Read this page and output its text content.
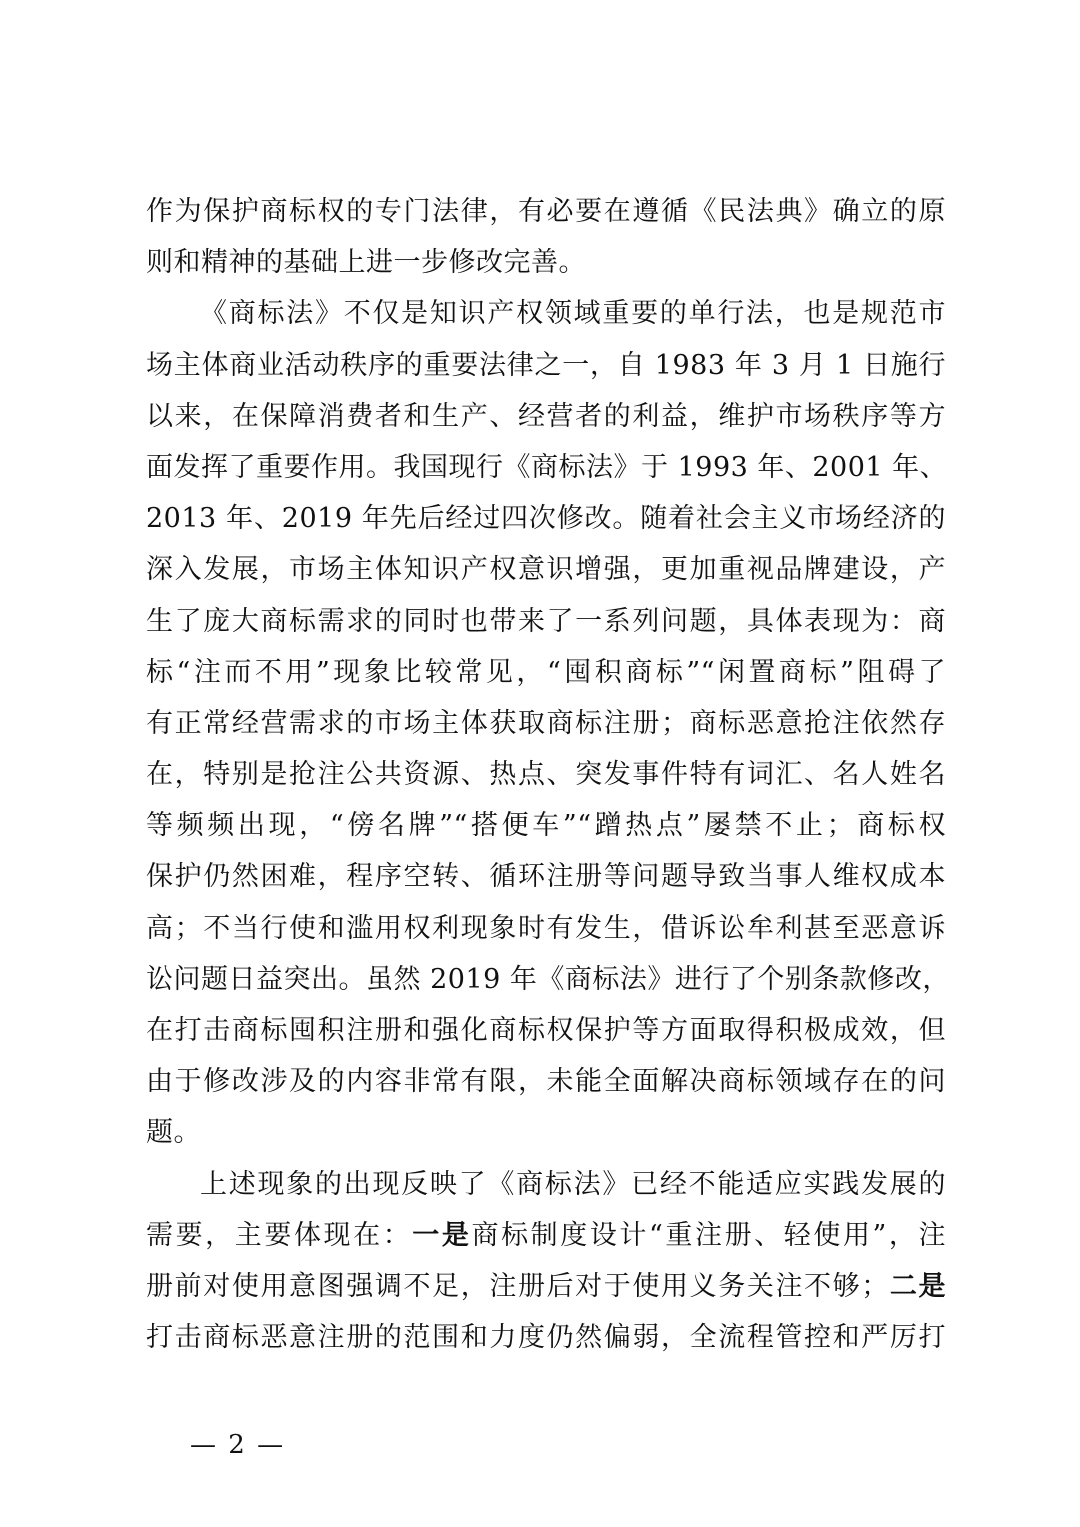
作为保护商标权的专门法律，有必要在遵循《民法典》确立的原
则和精神的基础上进一步修改完善。
《商标法》不仅是知识产权领域重要的单行法，也是规范市
场主体商业活动秩序的重要法律之一，自 1983 年 3 月 1 日施行
以来，在保障消费者和生产、经营者的利益，维护市场秩序等方
面发挥了重要作用。我国现行《商标法》于 1993 年、2001 年、
2013 年、2019 年先后经过四次修改。随着社会主义市场经济的
深入发展，市场主体知识产权意识增强，更加重视品牌建设，产
生了庞大商标需求的同时也带来了一系列问题，具体表现为：商
标“注而不用”现象比较常见，“囤积商标”“闲置商标”阻碍了
有正常经营需求的市场主体获取商标注册；商标恶意抢注依然存
在，特别是抢注公共资源、热点、突发事件特有词汇、名人姓名
等频频出现，“傍名牌”“搭便车”“蹭热点”屡禁不止；商标权
保护仍然困难，程序空转、循环注册等问题导致当事人维权成本
高；不当行使和滥用权利现象时有发生，借诉讼牟利甚至恶意诉
讼问题日益突出。虽然 2019 年《商标法》进行了个别条款修改，
在打击商标囤积注册和强化商标权保护等方面取得积极成效，但
由于修改涉及的内容非常有限，未能全面解决商标领域存在的问
题。
上述现象的出现反映了《商标法》已经不能适应实践发展的
需要，主要体现在：一是商标制度设计“重注册、轻使用”，注
册前对使用意图强调不足，注册后对于使用义务关注不够；二是
打击商标恶意注册的范围和力度仍然偏弱，全流程管控和严厉打
— 2 —
